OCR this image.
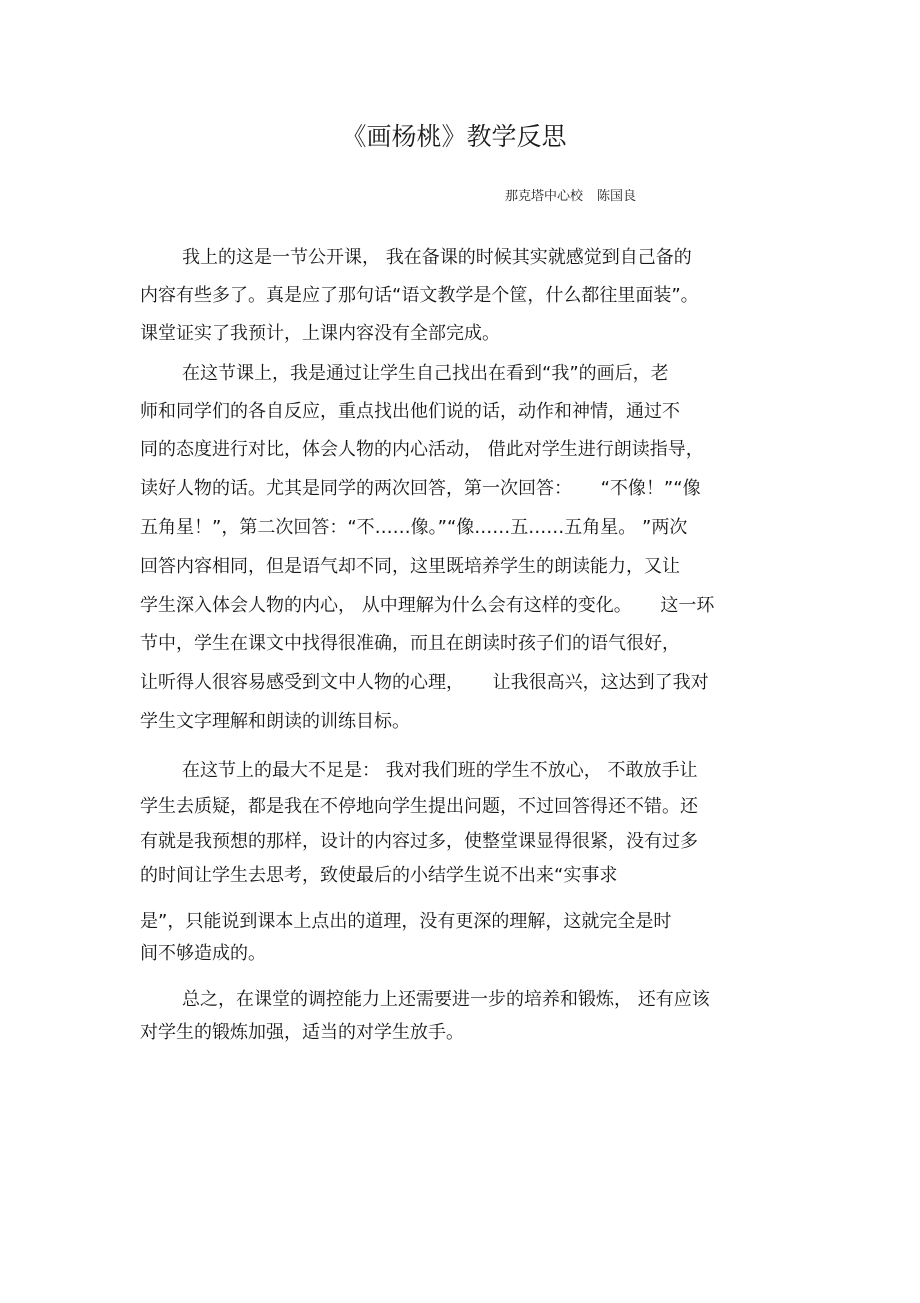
《画杨桃》教学反思
那克塔中心校 陈国良
我上的这是一节公开课， 我在备课的时候其实就感觉到自己备的
内容有些多了。真是应了那句话“语文教学是个筐，什么都往里面装”。
课堂证实了我预计，上课内容没有全部完成。
在这节课上，我是通过让学生自己找出在看到“我”的画后，老
师和同学们的各自反应，重点找出他们说的话，动作和神情，通过不
同的态度进行对比，体会人物的内心活动， 借此对学生进行朗读指导，
读好人物的话。尤其是同学的两次回答，第一次回答：     “不像！”“像
五角星！”，第二次回答：“不……像。”“像……五……五角星。 ”两次
回答内容相同，但是语气却不同，这里既培养学生的朗读能力，又让
学生深入体会人物的内心， 从中理解为什么会有这样的变化。     这一环
节中，学生在课文中找得很准确，而且在朗读时孩子们的语气很好，
让听得人很容易感受到文中人物的心理，     让我很高兴，这达到了我对
学生文字理解和朗读的训练目标。
在这节上的最大不足是： 我对我们班的学生不放心， 不敢放手让
学生去质疑，都是我在不停地向学生提出问题，不过回答得还不错。还
有就是我预想的那样，设计的内容过多，使整堂课显得很紧，没有过多
的时间让学生去思考，致使最后的小结学生说不出来“实事求
是”，只能说到课本上点出的道理，没有更深的理解，这就完全是时
间不够造成的。
总之，在课堂的调控能力上还需要进一步的培养和锻炼， 还有应该
对学生的锻炼加强，适当的对学生放手。
